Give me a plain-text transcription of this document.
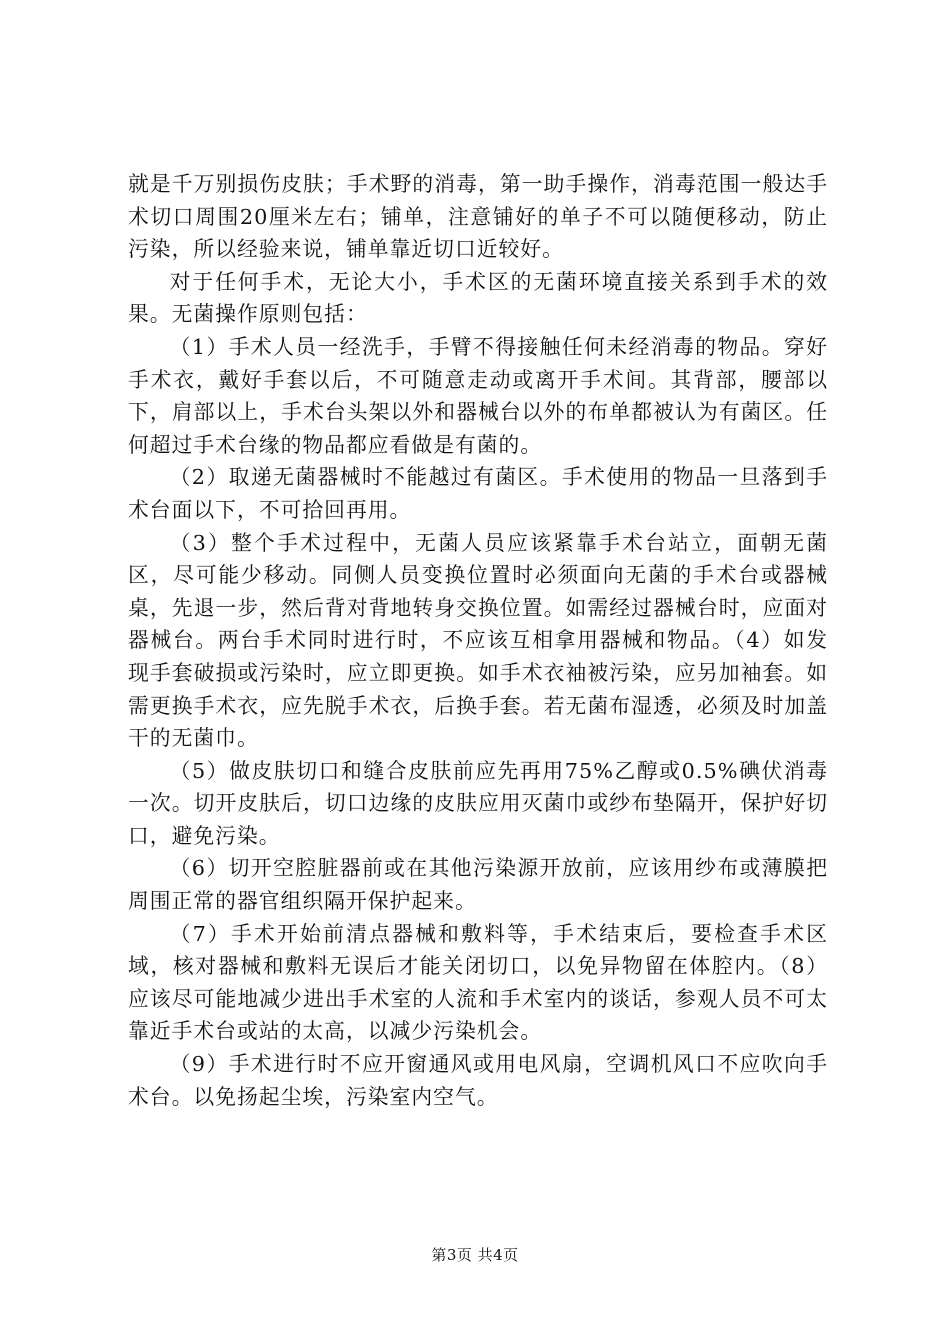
就是千万别损伤皮肤；手术野的消毒，第一助手操作，消毒范围一般达手术切口周围20厘米左右；铺单，注意铺好的单子不可以随便移动，防止污染，所以经验来说，铺单靠近切口近较好。

对于任何手术，无论大小，手术区的无菌环境直接关系到手术的效果。无菌操作原则包括：

（1）手术人员一经洗手，手臂不得接触任何未经消毒的物品。穿好手术衣，戴好手套以后，不可随意走动或离开手术间。其背部，腰部以下，肩部以上，手术台头架以外和器械台以外的布单都被认为有菌区。任何超过手术台缘的物品都应看做是有菌的。

（2）取递无菌器械时不能越过有菌区。手术使用的物品一旦落到手术台面以下，不可拾回再用。

（3）整个手术过程中，无菌人员应该紧靠手术台站立，面朝无菌区，尽可能少移动。同侧人员变换位置时必须面向无菌的手术台或器械桌，先退一步，然后背对背地转身交换位置。如需经过器械台时，应面对器械台。两台手术同时进行时，不应该互相拿用器械和物品。（4）如发现手套破损或污染时，应立即更换。如手术衣袖被污染，应另加袖套。如需更换手术衣，应先脱手术衣，后换手套。若无菌布湿透，必须及时加盖干的无菌巾。

（5）做皮肤切口和缝合皮肤前应先再用75%乙醇或0.5%碘伏消毒一次。切开皮肤后，切口边缘的皮肤应用灭菌巾或纱布垫隔开，保护好切口，避免污染。

（6）切开空腔脏器前或在其他污染源开放前，应该用纱布或薄膜把周围正常的器官组织隔开保护起来。

（7）手术开始前清点器械和敷料等，手术结束后，要检查手术区域，核对器械和敷料无误后才能关闭切口，以免异物留在体腔内。（8）应该尽可能地减少进出手术室的人流和手术室内的谈话，参观人员不可太靠近手术台或站的太高，以减少污染机会。

（9）手术进行时不应开窗通风或用电风扇，空调机风口不应吹向手术台。以免扬起尘埃，污染室内空气。

第3页 共4页
